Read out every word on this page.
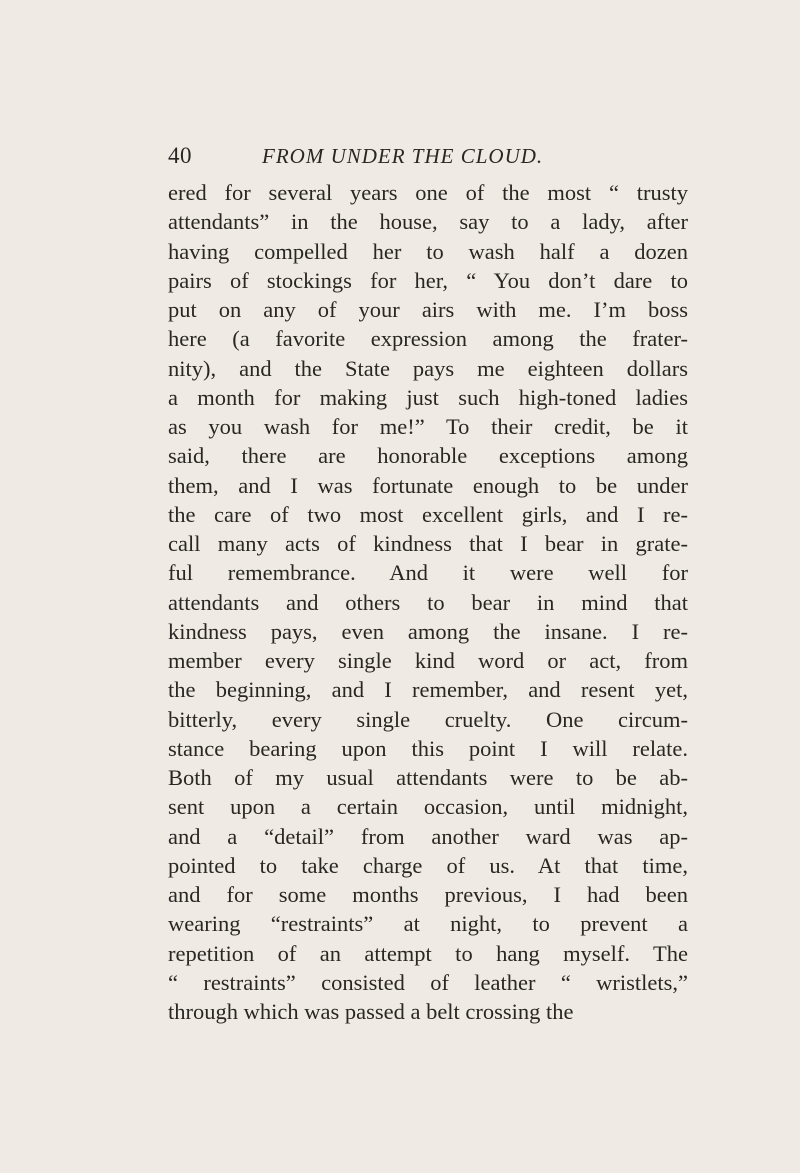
40	FROM UNDER THE CLOUD.
ered for several years one of the most “ trusty
attendants” in the house, say to a lady, after
having compelled her to wash half a dozen
pairs of stockings for her, “ You don’t dare to
put on any of your airs with me. I’m boss
here (a favorite expression among the frater-
nity), and the State pays me eighteen dollars
a month for making just such high-toned ladies
as you wash for me!” To their credit, be it
said, there are honorable exceptions among
them, and I was fortunate enough to be under
the care of two most excellent girls, and I re-
call many acts of kindness that I bear in grate-
ful remembrance. And it were well for
attendants and others to bear in mind that
kindness pays, even among the insane. I re-
member every single kind word or act, from
the beginning, and I remember, and resent yet,
bitterly, every single cruelty. One circum-
stance bearing upon this point I will relate.
Both of my usual attendants were to be ab-
sent upon a certain occasion, until midnight,
and a “detail” from another ward was ap-
pointed to take charge of us. At that time,
and for some months previous, I had been
wearing “restraints” at night, to prevent a
repetition of an attempt to hang myself. The
“ restraints” consisted of leather “ wristlets,”
through which was passed a belt crossing the
